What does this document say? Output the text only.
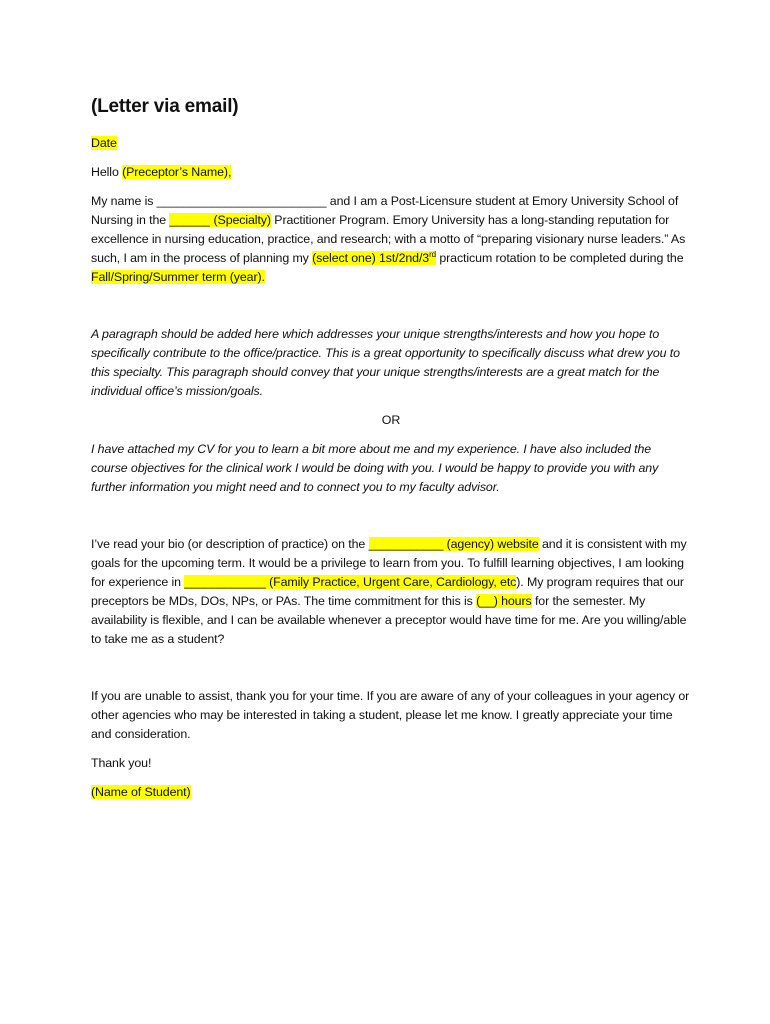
(Letter via email)

Date

Hello (Preceptor’s Name),

My name is _________________________ and I am a Post-Licensure student at Emory University School of Nursing in the ______ (Specialty) Practitioner Program. Emory University has a long-standing reputation for excellence in nursing education, practice, and research; with a motto of “preparing visionary nurse leaders.” As such, I am in the process of planning my (select one) 1st/2nd/3rd practicum rotation to be completed during the Fall/Spring/Summer term (year).

A paragraph should be added here which addresses your unique strengths/interests and how you hope to specifically contribute to the office/practice. This is a great opportunity to specifically discuss what drew you to this specialty. This paragraph should convey that your unique strengths/interests are a great match for the individual office’s mission/goals.

OR

I have attached my CV for you to learn a bit more about me and my experience. I have also included the course objectives for the clinical work I would be doing with you. I would be happy to provide you with any further information you might need and to connect you to my faculty advisor.

I’ve read your bio (or description of practice) on the ___________ (agency) website and it is consistent with my goals for the upcoming term. It would be a privilege to learn from you. To fulfill learning objectives, I am looking for experience in ____________ (Family Practice, Urgent Care, Cardiology, etc). My program requires that our preceptors be MDs, DOs, NPs, or PAs. The time commitment for this is (__) hours for the semester. My availability is flexible, and I can be available whenever a preceptor would have time for me. Are you willing/able to take me as a student?

If you are unable to assist, thank you for your time. If you are aware of any of your colleagues in your agency or other agencies who may be interested in taking a student, please let me know. I greatly appreciate your time and consideration.

Thank you!

(Name of Student)
